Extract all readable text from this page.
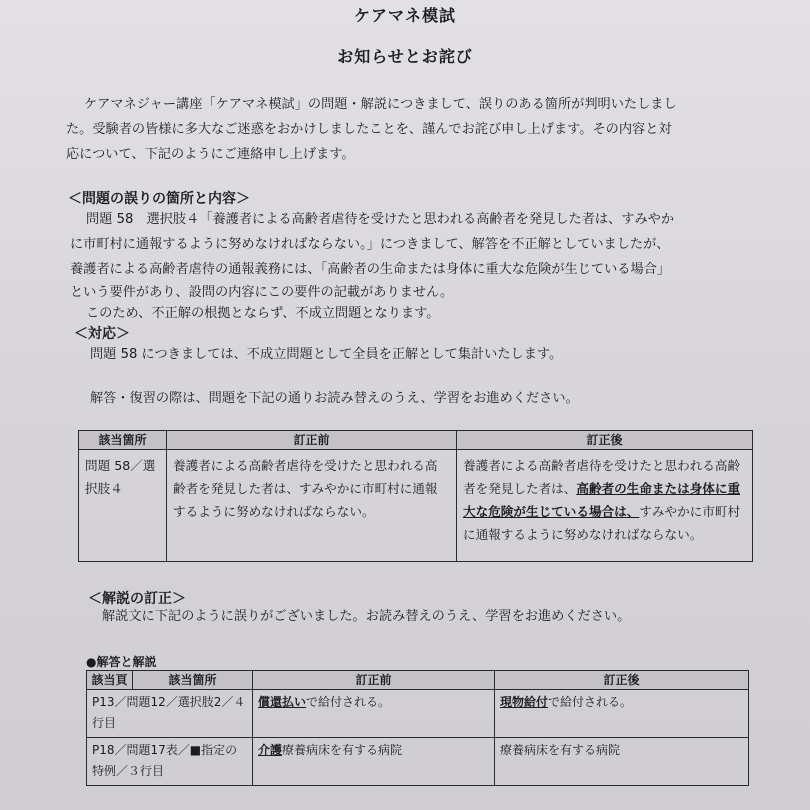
ケアマネ模試
お知らせとお詫び
ケアマネジャー講座「ケアマネ模試」の問題・解説につきまして、誤りのある箇所が判明いたしまし
た。受験者の皆様に多大なご迷惑をおかけしましたことを、謹んでお詫び申し上げます。その内容と対
応について、下記のようにご連絡申し上げます。
＜問題の誤りの箇所と内容＞
問題 58　選択肢４「養護者による高齢者虐待を受けたと思われる高齢者を発見した者は、すみやか
に市町村に通報するように努めなければならない。」につきまして、解答を不正解としていましたが、
養護者による高齢者虐待の通報義務には、「高齢者の生命または身体に重大な危険が生じている場合」
という要件があり、設問の内容にこの要件の記載がありません。
このため、不正解の根拠とならず、不成立問題となります。
＜対応＞
問題 58 につきましては、不成立問題として全員を正解として集計いたします。
解答・復習の際は、問題を下記の通りお読み替えのうえ、学習をお進めください。
該当箇所	訂正前	訂正後
問題 58／選択肢４	養護者による高齢者虐待を受けたと思われる高齢者を発見した者は、すみやかに市町村に通報するように努めなければならない。	養護者による高齢者虐待を受けたと思われる高齢者を発見した者は、高齢者の生命または身体に重大な危険が生じている場合は、すみやかに市町村に通報するように努めなければならない。
＜解説の訂正＞
解説文に下記のように誤りがございました。お読み替えのうえ、学習をお進めください。
●解答と解説
該当頁	該当箇所	訂正前	訂正後
P13／問題12／選択肢2／４行目		償還払いで給付される。	現物給付で給付される。
P18／問題17表／■指定の特例／３行目		介護療養病床を有する病院	療養病床を有する病院
